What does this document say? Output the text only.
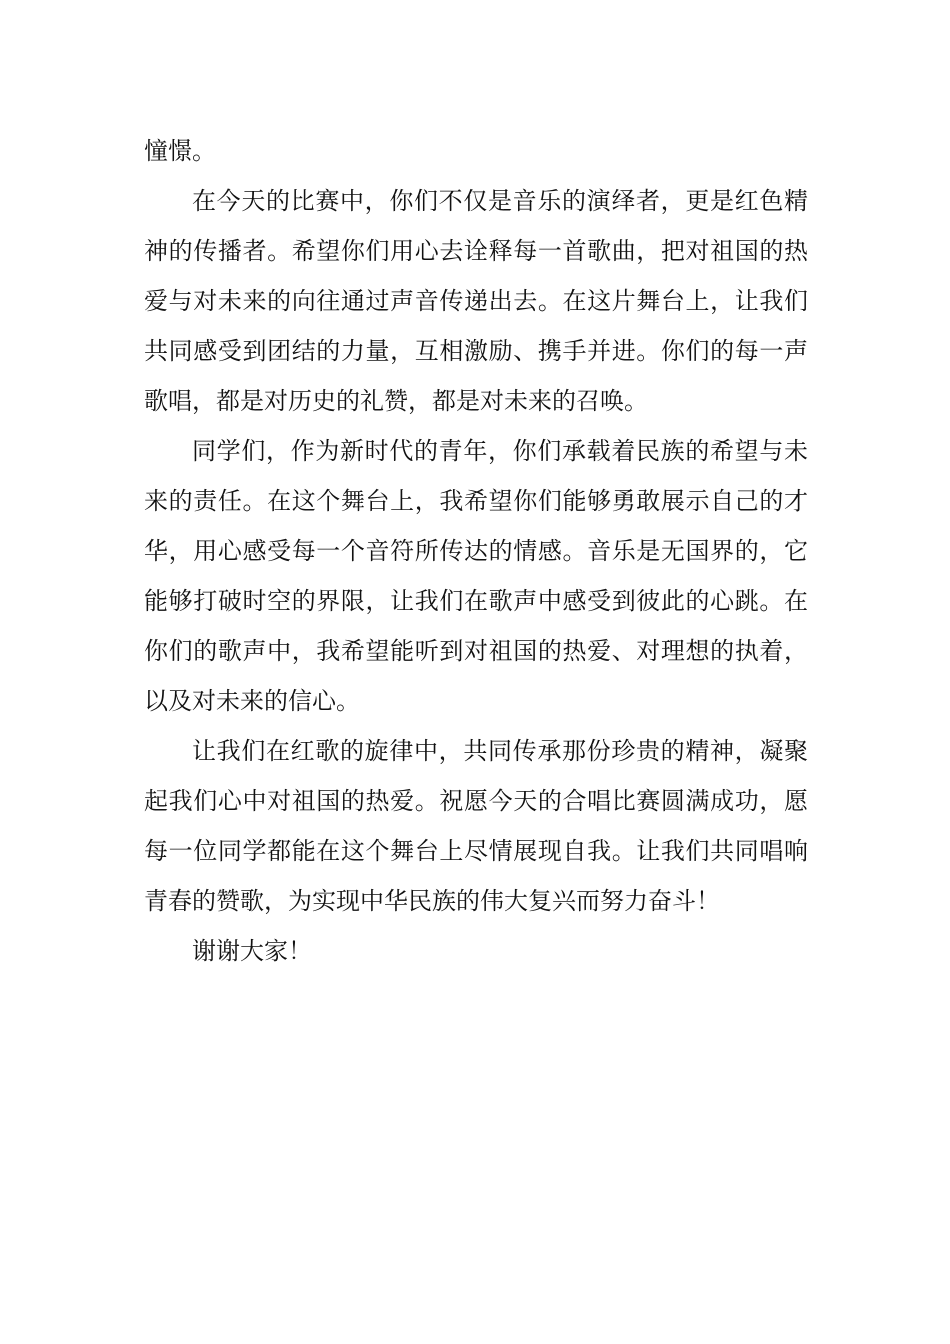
憧憬。

在今天的比赛中，你们不仅是音乐的演绎者，更是红色精神的传播者。希望你们用心去诠释每一首歌曲，把对祖国的热爱与对未来的向往通过声音传递出去。在这片舞台上，让我们共同感受到团结的力量，互相激励、携手并进。你们的每一声歌唱，都是对历史的礼赞，都是对未来的召唤。

同学们，作为新时代的青年，你们承载着民族的希望与未来的责任。在这个舞台上，我希望你们能够勇敢展示自己的才华，用心感受每一个音符所传达的情感。音乐是无国界的，它能够打破时空的界限，让我们在歌声中感受到彼此的心跳。在你们的歌声中，我希望能听到对祖国的热爱、对理想的执着，以及对未来的信心。

让我们在红歌的旋律中，共同传承那份珍贵的精神，凝聚起我们心中对祖国的热爱。祝愿今天的合唱比赛圆满成功，愿每一位同学都能在这个舞台上尽情展现自我。让我们共同唱响青春的赞歌，为实现中华民族的伟大复兴而努力奋斗！

谢谢大家！
